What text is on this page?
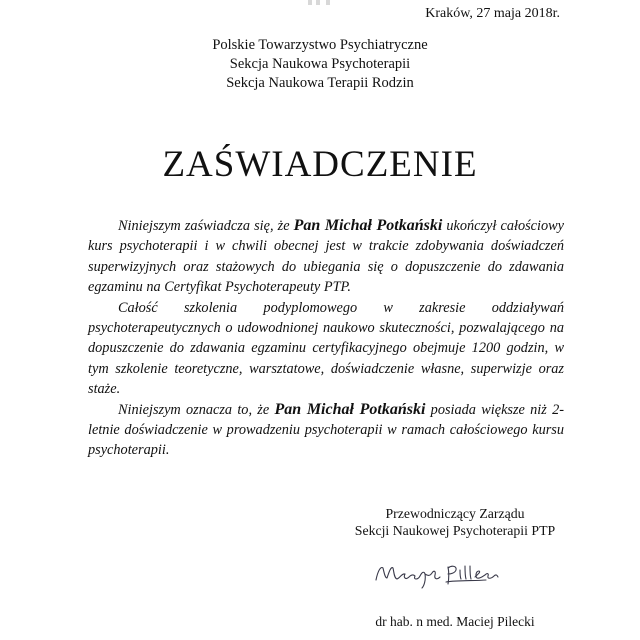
Kraków, 27 maja 2018r.
Polskie Towarzystwo Psychiatryczne
Sekcja Naukowa Psychoterapii
Sekcja Naukowa Terapii Rodzin
ZAŚWIADCZENIE

Niniejszym zaświadcza się, że Pan Michał Potkański ukończył całościowy kurs psychoterapii i w chwili obecnej jest w trakcie zdobywania doświadczeń superwizyjnych oraz stażowych do ubiegania się o dopuszczenie do zdawania egzaminu na Certyfikat Psychoterapeuty PTP.

Całość szkolenia podyplomowego w zakresie oddziaływań psychoterapeutycznych o udowodnionej naukowo skuteczności, pozwalającego na dopuszczenie do zdawania egzaminu certyfikacyjnego obejmuje 1200 godzin, w tym szkolenie teoretyczne, warsztatowe, doświadczenie własne, superwizje oraz staże.

Niniejszym oznacza to, że Pan Michał Potkański posiada większe niż 2-letnie doświadczenie w prowadzeniu psychoterapii w ramach całościowego kursu psychoterapii.

Przewodniczący Zarządu
Sekcji Naukowej Psychoterapii PTP
dr hab. n med. Maciej Pilecki
